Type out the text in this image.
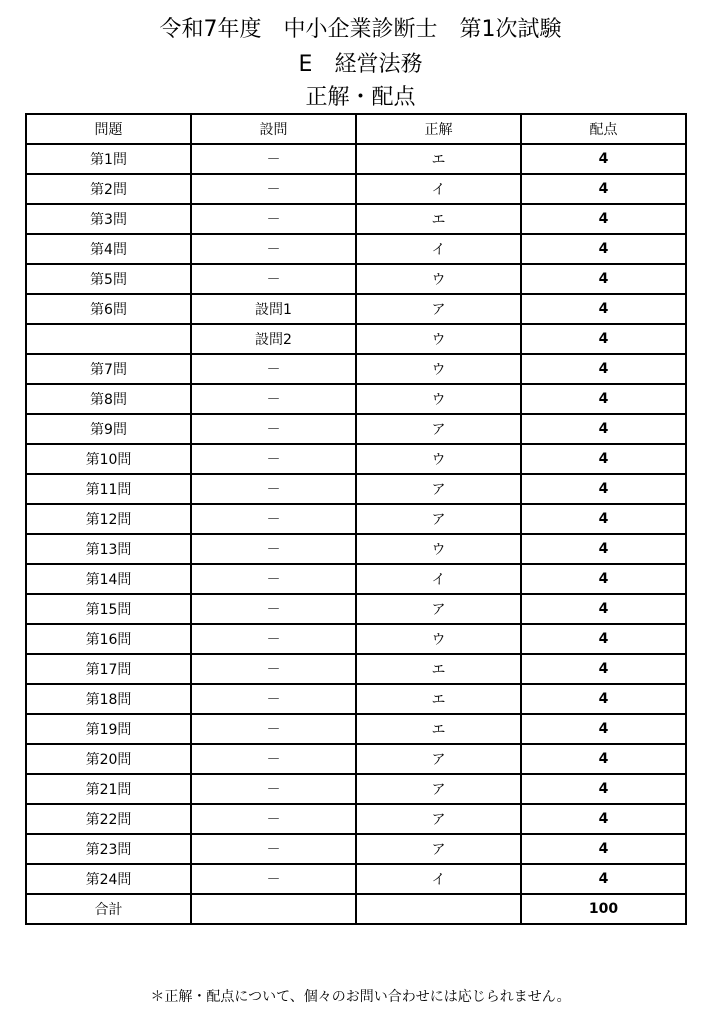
令和7年度　中小企業診断士　第1次試験
E　経営法務
正解・配点
問題	設問	正解	配点
第1問	－	エ	4
第2問	－	イ	4
第3問	－	エ	4
第4問	－	イ	4
第5問	－	ウ	4
第6問	設問1	ア	4
	設問2	ウ	4
第7問	－	ウ	4
第8問	－	ウ	4
第9問	－	ア	4
第10問	－	ウ	4
第11問	－	ア	4
第12問	－	ア	4
第13問	－	ウ	4
第14問	－	イ	4
第15問	－	ア	4
第16問	－	ウ	4
第17問	－	エ	4
第18問	－	エ	4
第19問	－	エ	4
第20問	－	ア	4
第21問	－	ア	4
第22問	－	ア	4
第23問	－	ア	4
第24問	－	イ	4
合計			100
＊正解・配点について、個々のお問い合わせには応じられません。
